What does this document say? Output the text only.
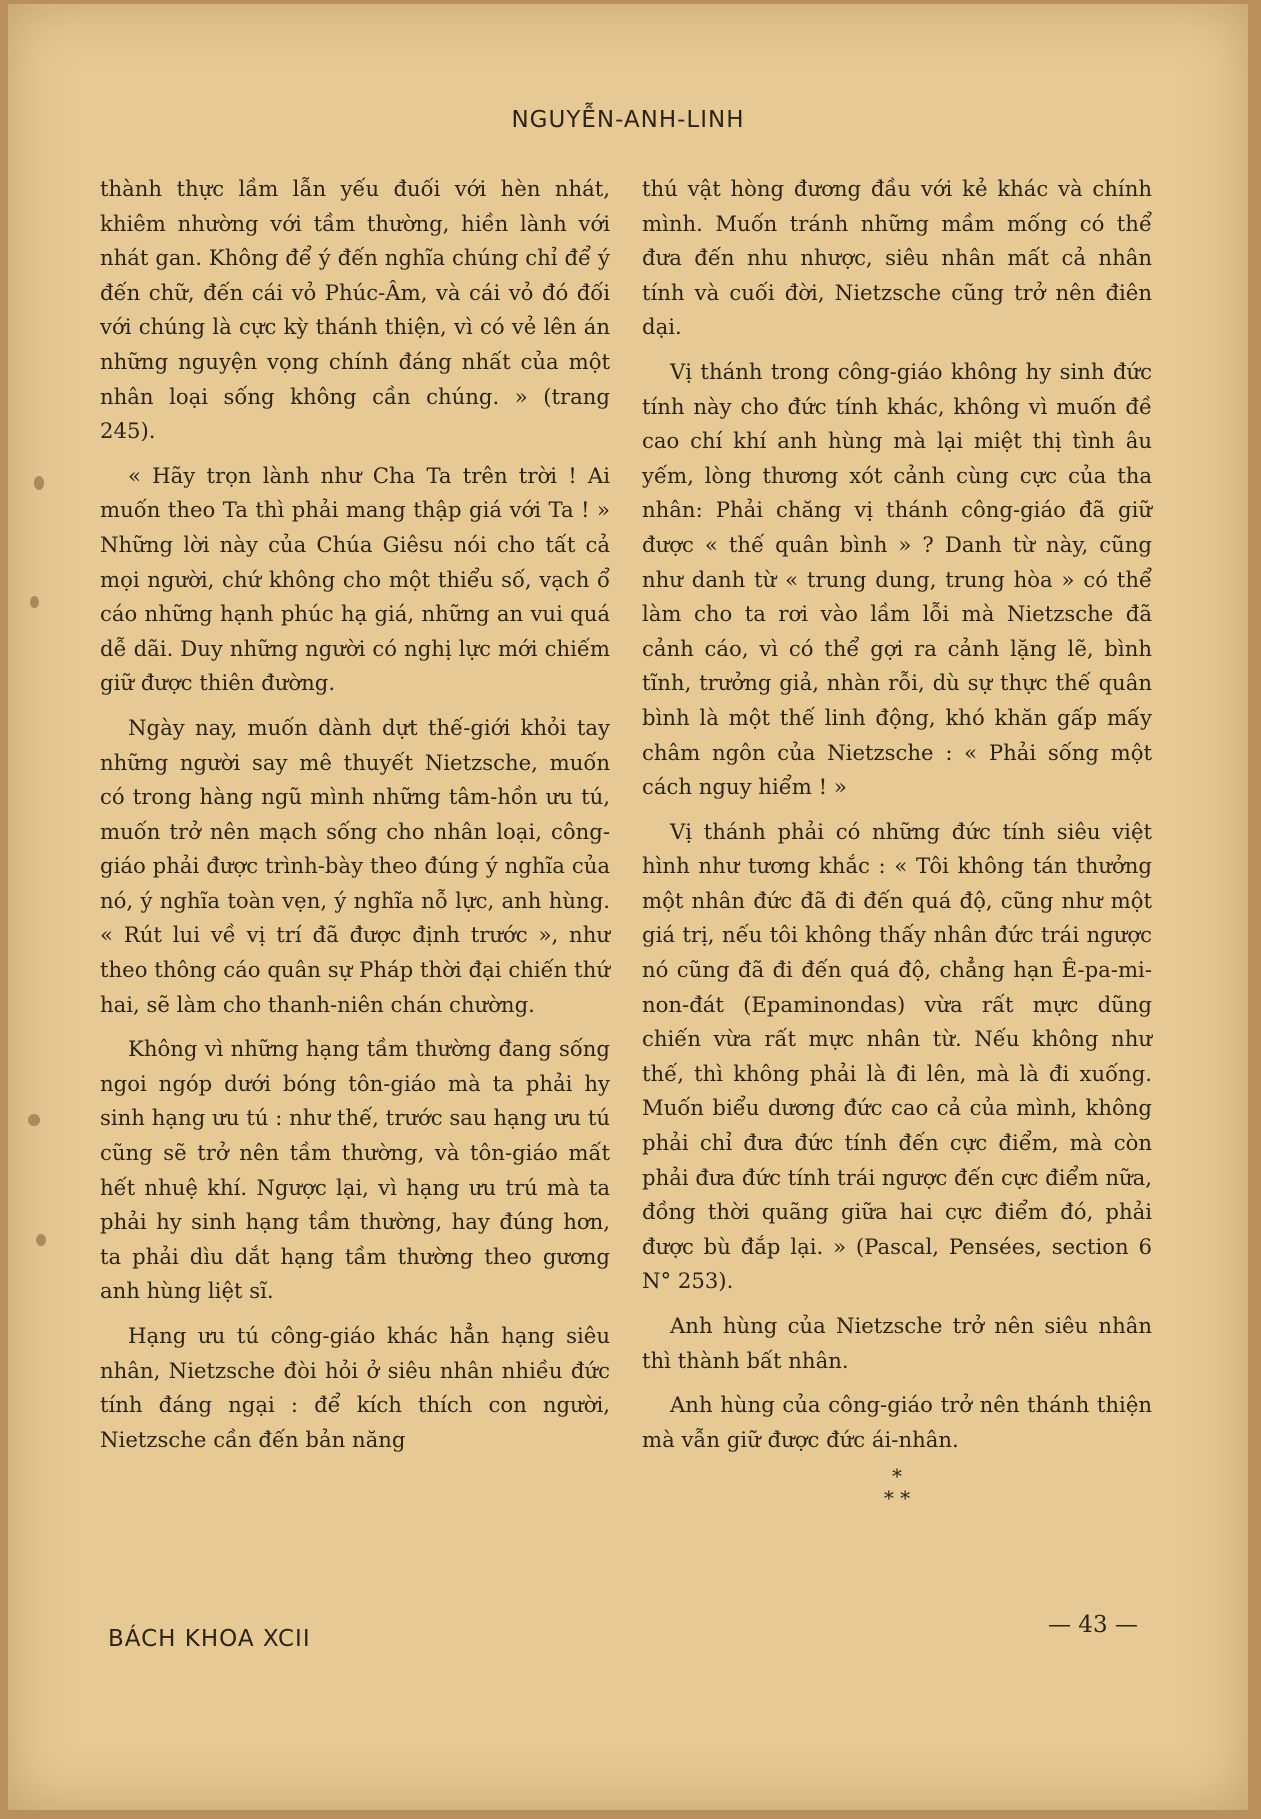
NGUYỄN-ANH-LINH

thành thực lầm lẫn yếu đuối với hèn nhát, khiêm nhường với tầm thường, hiền lành với nhát gan. Không để ý đến nghĩa chúng chỉ để ý đến chữ, đến cái vỏ Phúc-Âm, và cái vỏ đó đối với chúng là cực kỳ thánh thiện, vì có vẻ lên án những nguyện vọng chính đáng nhất của một nhân loại sống không cần chúng. » (trang 245).

« Hãy trọn lành như Cha Ta trên trời ! Ai muốn theo Ta thì phải mang thập giá với Ta ! » Những lời này của Chúa Giêsu nói cho tất cả mọi người, chứ không cho một thiểu số, vạch ổ cáo những hạnh phúc hạ giá, những an vui quá dễ dãi. Duy những người có nghị lực mới chiếm giữ được thiên đường.

Ngày nay, muốn dành dựt thế-giới khỏi tay những người say mê thuyết Nietzsche, muốn có trong hàng ngũ mình những tâm-hồn ưu tú, muốn trở nên mạch sống cho nhân loại, công-giáo phải được trình-bày theo đúng ý nghĩa của nó, ý nghĩa toàn vẹn, ý nghĩa nỗ lực, anh hùng. « Rút lui về vị trí đã được định trước », như theo thông cáo quân sự Pháp thời đại chiến thứ hai, sẽ làm cho thanh-niên chán chường.

Không vì những hạng tầm thường đang sống ngoi ngóp dưới bóng tôn-giáo mà ta phải hy sinh hạng ưu tú : như thế, trước sau hạng ưu tú cũng sẽ trở nên tầm thường, và tôn-giáo mất hết nhuệ khí. Ngược lại, vì hạng ưu trú mà ta phải hy sinh hạng tầm thường, hay đúng hơn, ta phải dìu dắt hạng tầm thường theo gương anh hùng liệt sĩ.

Hạng ưu tú công-giáo khác hẳn hạng siêu nhân, Nietzsche đòi hỏi ở siêu nhân nhiều đức tính đáng ngại : để kích thích con người, Nietzsche cần đến bản năng

thú vật hòng đương đầu với kẻ khác và chính mình. Muốn tránh những mầm mống có thể đưa đến nhu nhược, siêu nhân mất cả nhân tính và cuối đời, Nietzsche cũng trở nên điên dại.

Vị thánh trong công-giáo không hy sinh đức tính này cho đức tính khác, không vì muốn đề cao chí khí anh hùng mà lại miệt thị tình âu yếm, lòng thương xót cảnh cùng cực của tha nhân: Phải chăng vị thánh công-giáo đã giữ được « thế quân bình » ? Danh từ này, cũng như danh từ « trung dung, trung hòa » có thể làm cho ta rơi vào lầm lỗi mà Nietzsche đã cảnh cáo, vì có thể gợi ra cảnh lặng lẽ, bình tĩnh, trưởng giả, nhàn rỗi, dù sự thực thế quân bình là một thế linh động, khó khăn gấp mấy châm ngôn của Nietzsche : « Phải sống một cách nguy hiểm ! »

Vị thánh phải có những đức tính siêu việt hình như tương khắc : « Tôi không tán thưởng một nhân đức đã đi đến quá độ, cũng như một giá trị, nếu tôi không thấy nhân đức trái ngược nó cũng đã đi đến quá độ, chẳng hạn Ê-pa-mi-non-đát (Epaminondas) vừa rất mực dũng chiến vừa rất mực nhân từ. Nếu không như thế, thì không phải là đi lên, mà là đi xuống. Muốn biểu dương đức cao cả của mình, không phải chỉ đưa đức tính đến cực điểm, mà còn phải đưa đức tính trái ngược đến cực điểm nữa, đồng thời quãng giữa hai cực điểm đó, phải được bù đắp lại. » (Pascal, Pensées, section 6 N° 253).

Anh hùng của Nietzsche trở nên siêu nhân thì thành bất nhân.

Anh hùng của công-giáo trở nên thánh thiện mà vẫn giữ được đức ái-nhân.

*
* *
BÁCH KHOA XCII
— 43 —
